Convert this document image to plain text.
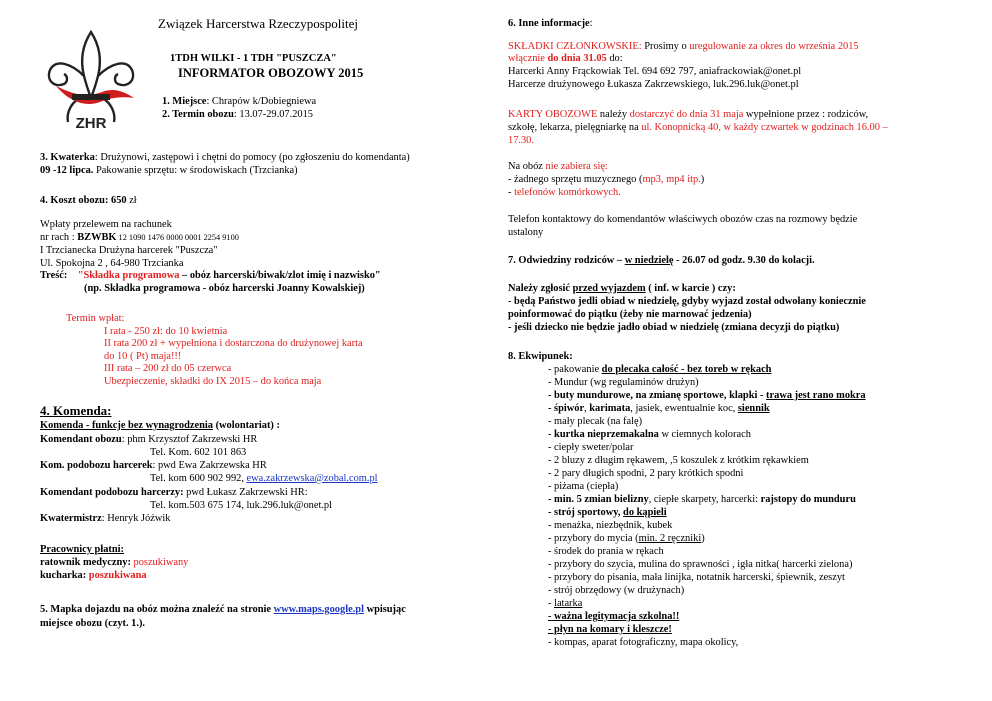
ZHR
Związek Harcerstwa Rzeczypospolitej
1TDH WILKI - 1 TDH "PUSZCZA"
INFORMATOR OBOZOWY 2015
1. Miejsce: Chrapów k/Dobiegniewa
2. Termin obozu: 13.07-29.07.2015
3. Kwaterka: Drużynowi, zastępowi i chętni do pomocy (po zgłoszeniu do komendanta)
09 -12 lipca. Pakowanie sprzętu: w środowiskach (Trzcianka)
4. Koszt obozu: 650 zł
Wpłaty przelewem na rachunek
nr rach : BZWBK 12 1090 1476 0000 0001 2254 9100
I Trzcianecka Drużyna harcerek "Puszcza"
Ul. Spokojna 2 , 64-980 Trzcianka
Treść: "Składka programowa – obóz harcerski/biwak/zlot imię i nazwisko"
(np. Składka programowa - obóz harcerski Joanny Kowalskiej)
Termin wpłat:
I rata - 250 zł: do 10 kwietnia
II rata 200 zł + wypełniona i dostarczona do drużynowej karta
do 10 ( Pt) maja!!!
III rata – 200 zł do 05 czerwca
Ubezpieczenie, składki do IX 2015 – do końca maja
4. Komenda:
Komenda - funkcje bez wynagrodzenia (wolontariat) :
Komendant obozu: phm Krzysztof Zakrzewski HR
Tel. Kom. 602 101 863
Kom. podobozu harcerek: pwd Ewa Zakrzewska HR
Tel. kom 600 902 992, ewa.zakrzewska@zobal.com.pl
Komendant podobozu harcerzy: pwd Łukasz Zakrzewski HR:
Tel. kom.503 675 174, luk.296.luk@onet.pl
Kwatermistrz: Henryk Jóźwik
Pracownicy płatni:
ratownik medyczny: poszukiwany
kucharka: poszukiwana
5. Mapka dojazdu na obóz można znaleźć na stronie www.maps.google.pl wpisując
miejsce obozu (czyt. 1.).
6. Inne informacje:
SKŁADKI CZŁONKOWSKIE: Prosimy o uregulowanie za okres do września 2015
włącznie do dnia 31.05 do:
Harcerki Anny Frąckowiak Tel. 694 692 797, aniafrackowiak@onet.pl
Harcerze drużynowego Łukasza Zakrzewskiego, luk.296.luk@onet.pl
KARTY OBOZOWE należy dostarczyć do dnia 31 maja wypełnione przez : rodziców,
szkołę, lekarza, pielęgniarkę na ul. Konopnicką 40, w każdy czwartek w godzinach 16.00 –
17.30.
Na obóz nie zabiera się:
- żadnego sprzętu muzycznego (mp3, mp4 itp.)
- telefonów komórkowych.
Telefon kontaktowy do komendantów właściwych obozów czas na rozmowy będzie
ustalony
7. Odwiedziny rodziców – w niedzielę - 26.07 od godz. 9.30 do kolacji.
Należy zgłosić przed wyjazdem ( inf. w karcie ) czy:
- będą Państwo jedli obiad w niedzielę, gdyby wyjazd został odwołany koniecznie
poinformować do piątku (żeby nie marnować jedzenia)
- jeśli dziecko nie będzie jadło obiad w niedzielę (zmiana decyzji do piątku)
8. Ekwipunek:
- pakowanie do plecaka całość - bez toreb w rękach
- Mundur (wg regulaminów drużyn)
- buty mundurowe, na zmianę sportowe, klapki - trawa jest rano mokra
- śpiwór, karimata, jasiek, ewentualnie koc, siennik
- mały plecak (na falę)
- kurtka nieprzemakalna w ciemnych kolorach
- ciepły sweter/polar
- 2 bluzy z długim rękawem, ,5 koszulek z krótkim rękawkiem
- 2 pary długich spodni, 2 pary krótkich spodni
- piżama (ciepła)
- min. 5 zmian bielizny, ciepłe skarpety, harcerki: rajstopy do munduru
- strój sportowy, do kąpieli
- menażka, niezbędnik, kubek
- przybory do mycia (min. 2 ręczniki)
- środek do prania w rękach
- przybory do szycia, mulina do sprawności , igła nitka( harcerki zielona)
- przybory do pisania, mała linijka, notatnik harcerski, śpiewnik, zeszyt
- strój obrzędowy (w drużynach)
- latarka
- ważna legitymacja szkolna!!
- płyn na komary i kleszcze!
- kompas, aparat fotograficzny, mapa okolicy,
